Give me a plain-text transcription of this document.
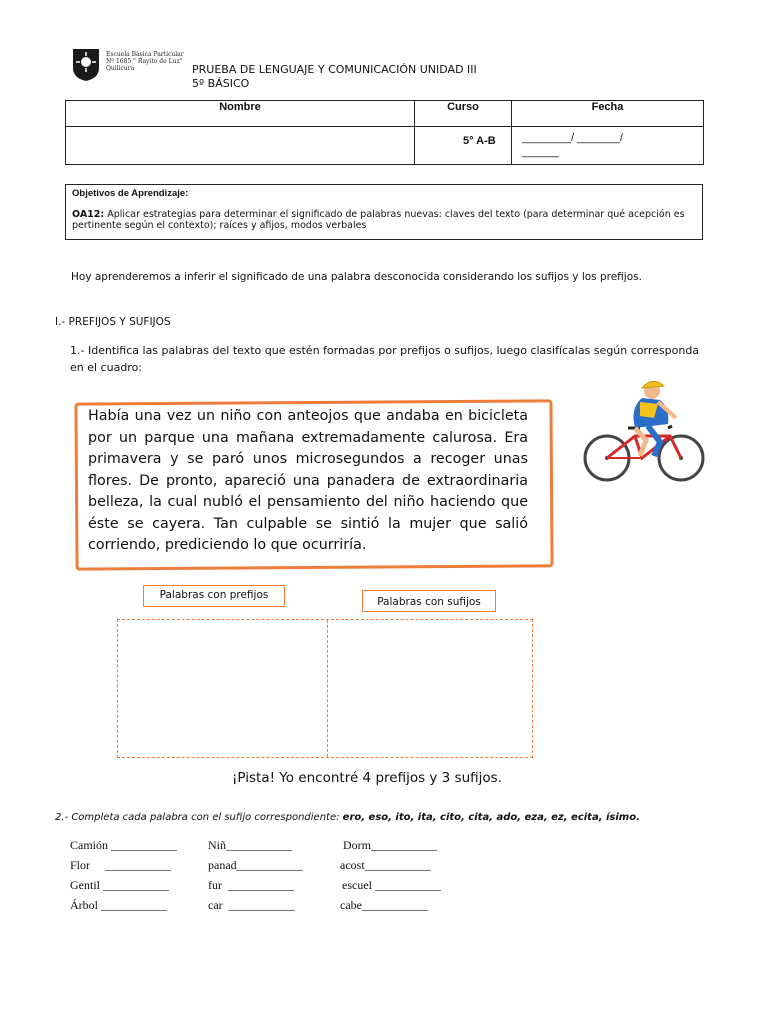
Escuela Básica Particular
Nº 1685 " Rayito de Luz"
Quilicura	PRUEBA DE LENGUAJE Y COMUNICACIÓN UNIDAD III
5º BÁSICO
Nombre	Curso	Fecha
	5° A-B	________/ _______/
______
Objetivos de Aprendizaje:
OA12: Aplicar estrategias para determinar el significado de palabras nuevas: claves del texto (para determinar qué acepción es pertinente según el contexto); raíces y afijos, modos verbales
Hoy aprenderemos a inferir el significado de una palabra desconocida considerando los sufijos y los prefijos.
I.- PREFIJOS Y SUFIJOS
1.- Identifica las palabras del texto que estén formadas por prefijos o sufijos, luego clasifícalas según corresponda en el cuadro:
Había una vez un niño con anteojos que andaba en bicicleta por un parque una mañana extremadamente calurosa. Era primavera y se paró unos microsegundos a recoger unas flores. De pronto, apareció una panadera de extraordinaria belleza, la cual nubló el pensamiento del niño haciendo que éste se cayera. Tan culpable se sintió la mujer que salió corriendo, prediciendo lo que ocurriría.
Palabras con prefijos
Palabras con sufijos
¡Pista! Yo encontré 4 prefijos y 3 sufijos.
2.- Completa cada palabra con el sufijo correspondiente: ero, eso, ito, ita, cito, cita, ado, eza, ez, ecita, ísimo.
Camión ___________	Niñ___________	Dorm___________
Flor     ___________	panad___________	acost___________
Gentil ___________	fur  ___________	escuel ___________
Árbol ___________	car  ___________	cabe___________
